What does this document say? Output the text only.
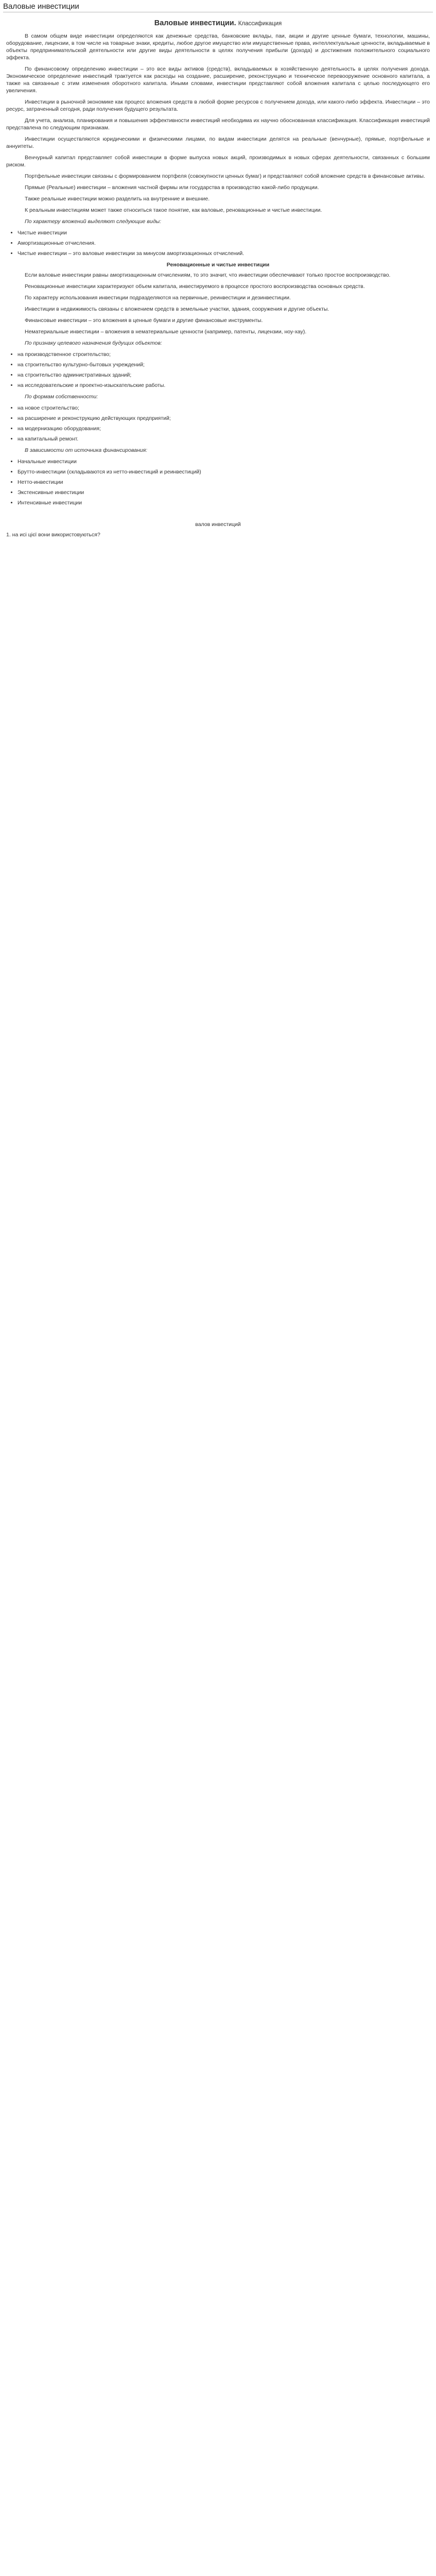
Валовые инвестиции
Валовые инвестиции. Классификация
В самом общем виде инвестиции определяются как денежные средства, банковские вклады, паи, акции и другие ценные бумаги, технологии, машины, оборудование, лицензии, в том числе на товарные знаки, кредиты, любое другое имущество или имущественные права, интеллектуальные ценности, вкладываемые в объекты предпринимательской деятельности или другие виды деятельности в целях получения прибыли (дохода) и достижения положительного социального эффекта.
По финансовому определению инвестиции – это все виды активов (средств), вкладываемых в хозяйственную деятельность в целях получения дохода. Экономическое определение инвестиций трактуется как расходы на создание, расширение, реконструкцию и техническое перевооружение основного капитала, а также на связанные с этим изменения оборотного капитала. Иными словами, инвестиции представляют собой вложения капитала с целью последующего его увеличения.
Инвестиции в рыночной экономике как процесс вложения средств в любой форме ресурсов с получением дохода, или какого-либо эффекта. Инвестиции – это ресурс, затраченный сегодня, ради получения будущего результата.
Для учета, анализа, планирования и повышения эффективности инвестиций необходима их научно обоснованная классификация. Классификация инвестиций представлена по следующим признакам.
Инвестиции осуществляются юридическими и физическими лицами, по видам инвестиции делятся на реальные (венчурные), прямые, портфельные и аннуитеты.
Венчурный капитал представляет собой инвестиции в форме выпуска новых акций, производимых в новых сферах деятельности, связанных с большим риском.
Портфельные инвестиции связаны с формированием портфеля (совокупности ценных бумаг) и представляют собой вложение средств в финансовые активы.
Прямые (Реальные) инвестиции – вложения частной фирмы или государства в производство какой-либо продукции.
Также реальные инвестиции можно разделить на внутренние и внешние.
К реальным инвестициям может также относиться такое понятие, как валовые, реновационные и чистые инвестиции.
По характеру вложений выделяют следующие виды:
• Чистые инвестиции
• Амортизационные отчисления.
• Чистые инвестиции – это валовые инвестиции за минусом амортизационных отчислений.
Реновационные и чистые инвестиции
Если валовые инвестиции равны амортизационным отчислениям, то это значит, что инвестиции обеспечивают только простое воспроизводство.
Реновационные инвестиции характеризуют объем капитала, инвестируемого в процессе простого воспроизводства основных средств.
По характеру использования инвестиции подразделяются на первичные, реинвестиции и дезинвестиции.
Инвестиции в недвижимость связаны с вложением средств в земельные участки, здания, сооружения и другие объекты.
Финансовые инвестиции – это вложения в ценные бумаги и другие финансовые инструменты.
Нематериальные инвестиции – вложения в нематериальные ценности (например, патенты, лицензии, ноу-хау).
По признаку целевого назначения будущих объектов:
• на производственное строительство;
• на строительство культурно-бытовых учреждений;
• на строительство административных зданий;
• на исследовательские и проектно-изыскательские работы.
По формам собственности:
• на новое строительство;
• на расширение и реконструкцию действующих предприятий;
• на модернизацию оборудования;
• на капитальный ремонт.
В зависимости от источника финансирования:
• Начальные инвестиции
• Брутто-инвестиции (складываются из нетто-инвестиций и реинвестиций)
• Нетто-инвестиции
• Экстенсивные инвестиции
• Интенсивные инвестиции
валов инвестиций
1. на исі цієї вони використовуються?
